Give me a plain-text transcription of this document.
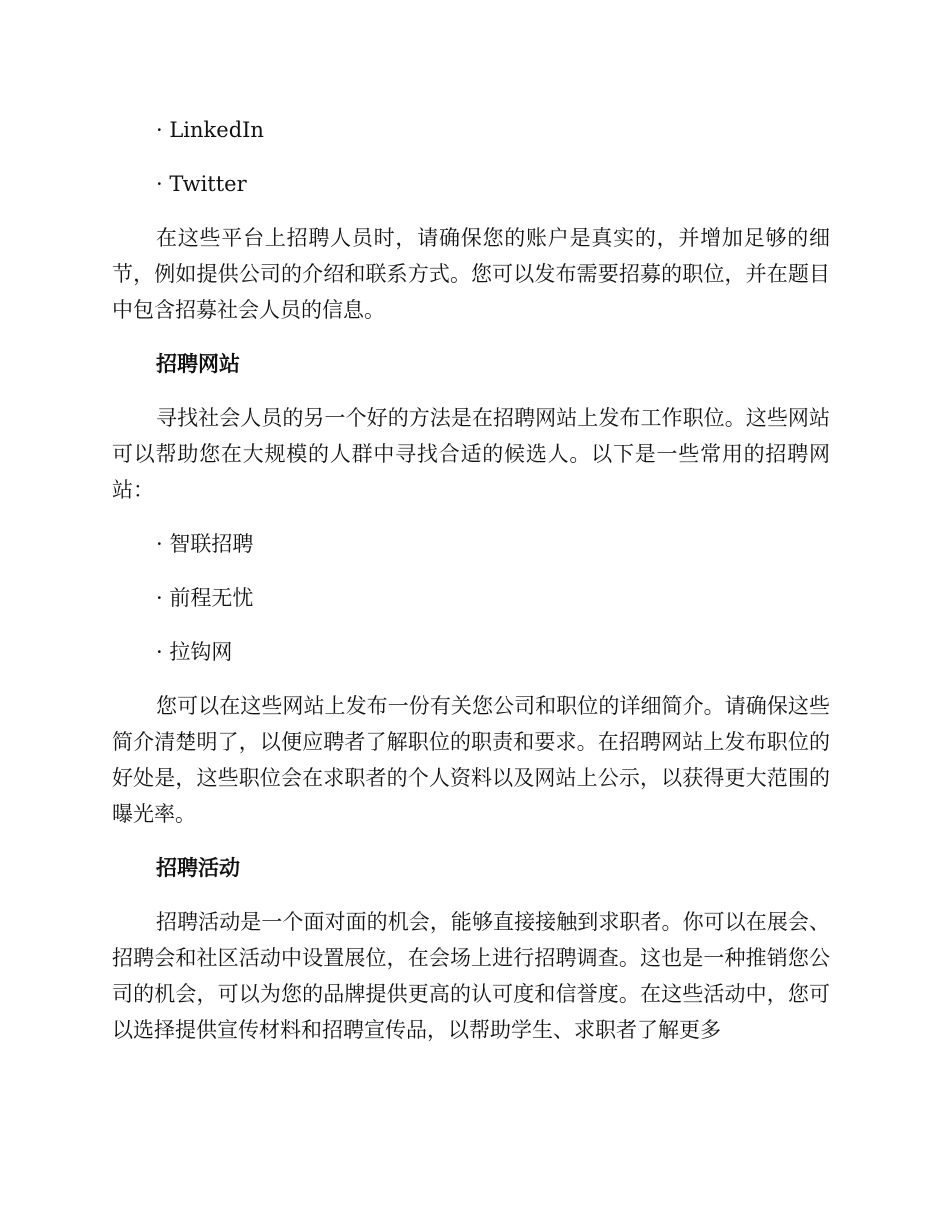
· LinkedIn
· Twitter

在这些平台上招聘人员时，请确保您的账户是真实的，并增加足够的细节，例如提供公司的介绍和联系方式。您可以发布需要招募的职位，并在题目中包含招募社会人员的信息。

招聘网站

寻找社会人员的另一个好的方法是在招聘网站上发布工作职位。这些网站可以帮助您在大规模的人群中寻找合适的候选人。以下是一些常用的招聘网站：

· 智联招聘
· 前程无忧
· 拉钩网

您可以在这些网站上发布一份有关您公司和职位的详细简介。请确保这些简介清楚明了，以便应聘者了解职位的职责和要求。在招聘网站上发布职位的好处是，这些职位会在求职者的个人资料以及网站上公示，以获得更大范围的曝光率。

招聘活动

招聘活动是一个面对面的机会，能够直接接触到求职者。你可以在展会、招聘会和社区活动中设置展位，在会场上进行招聘调查。这也是一种推销您公司的机会，可以为您的品牌提供更高的认可度和信誉度。在这些活动中，您可以选择提供宣传材料和招聘宣传品，以帮助学生、求职者了解更多
